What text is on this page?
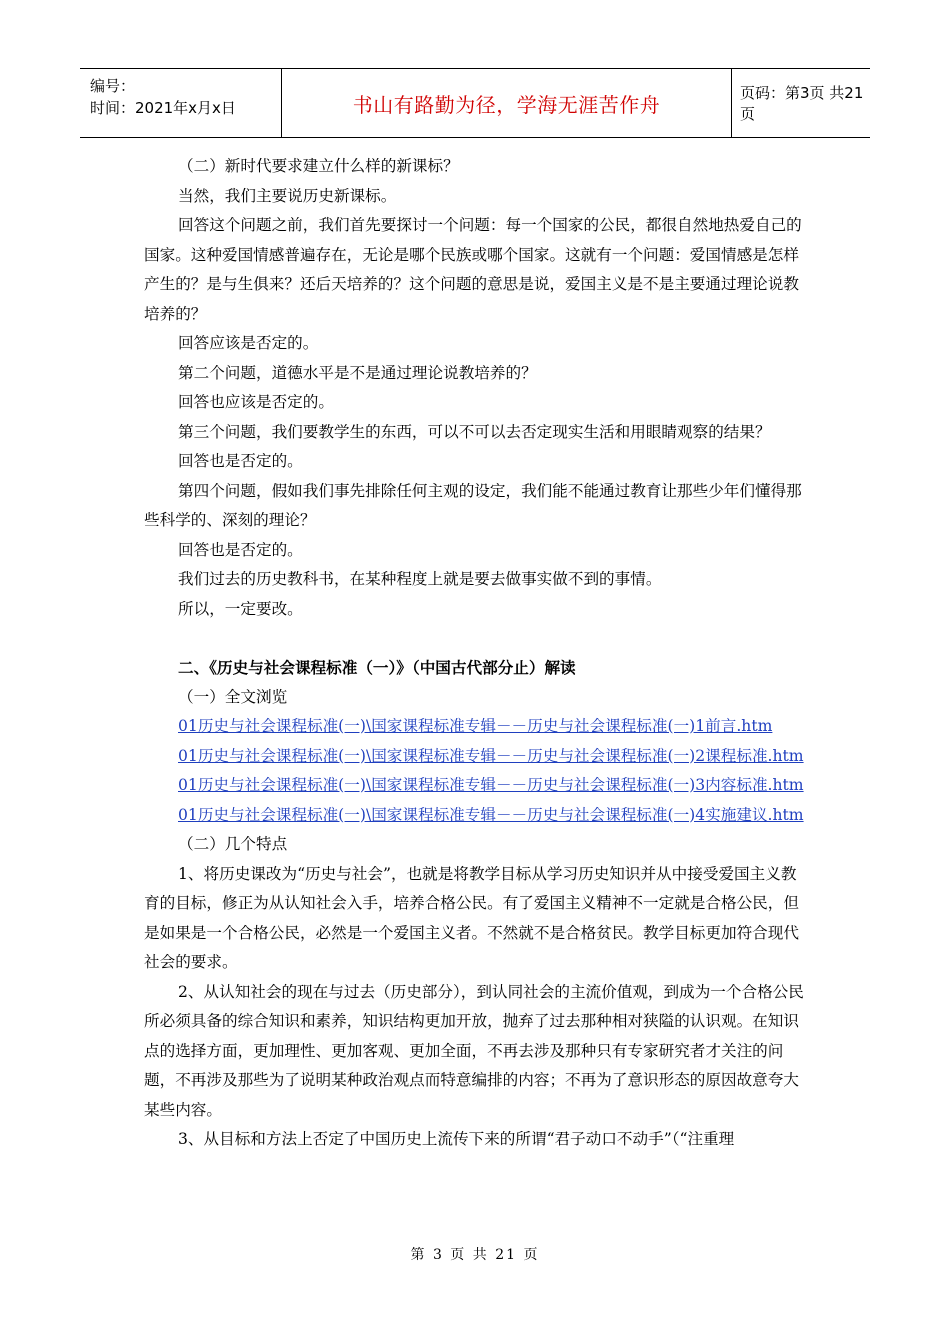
编号：
时间：2021年x月x日	书山有路勤为径，学海无涯苦作舟	页码：第3页 共21页

（二）新时代要求建立什么样的新课标？

当然，我们主要说历史新课标。

回答这个问题之前，我们首先要探讨一个问题：每一个国家的公民，都很自然地热爱自己的国家。这种爱国情感普遍存在，无论是哪个民族或哪个国家。这就有一个问题：爱国情感是怎样产生的？是与生俱来？还后天培养的？这个问题的意思是说，爱国主义是不是主要通过理论说教培养的？

回答应该是否定的。

第二个问题，道德水平是不是通过理论说教培养的？

回答也应该是否定的。

第三个问题，我们要教学生的东西，可以不可以去否定现实生活和用眼睛观察的结果？

回答也是否定的。

第四个问题，假如我们事先排除任何主观的设定，我们能不能通过教育让那些少年们懂得那些科学的、深刻的理论？

回答也是否定的。

我们过去的历史教科书，在某种程度上就是要去做事实做不到的事情。

所以，一定要改。

二、《历史与社会课程标准（一）》（中国古代部分止）解读

（一）全文浏览

01历史与社会课程标准(一)\国家课程标准专辑－－历史与社会课程标准(一)1前言.htm

01历史与社会课程标准(一)\国家课程标准专辑－－历史与社会课程标准(一)2课程标准.htm

01历史与社会课程标准(一)\国家课程标准专辑－－历史与社会课程标准(一)3内容标准.htm

01历史与社会课程标准(一)\国家课程标准专辑－－历史与社会课程标准(一)4实施建议.htm

（二）几个特点

1、将历史课改为“历史与社会”，也就是将教学目标从学习历史知识并从中接受爱国主义教育的目标，修正为从认知社会入手，培养合格公民。有了爱国主义精神不一定就是合格公民，但是如果是一个合格公民，必然是一个爱国主义者。不然就不是合格贫民。教学目标更加符合现代社会的要求。

2、从认知社会的现在与过去（历史部分），到认同社会的主流价值观，到成为一个合格公民所必须具备的综合知识和素养，知识结构更加开放，抛弃了过去那种相对狭隘的认识观。在知识点的选择方面，更加理性、更加客观、更加全面，不再去涉及那种只有专家研究者才关注的问题，不再涉及那些为了说明某种政治观点而特意编排的内容；不再为了意识形态的原因故意夸大某些内容。

3、从目标和方法上否定了中国历史上流传下来的所谓“君子动口不动手”（“注重理

第 3 页 共 21 页
